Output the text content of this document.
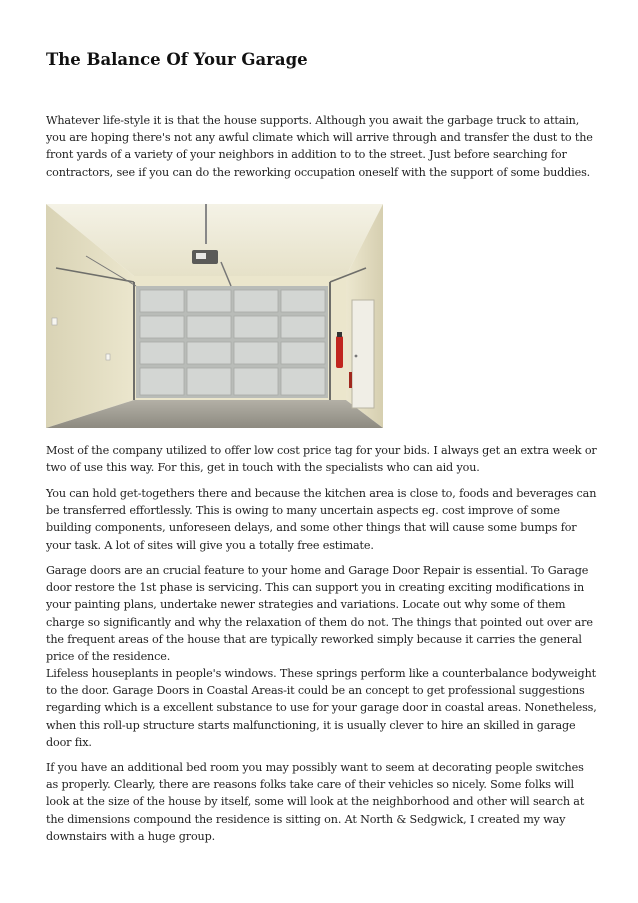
The Balance Of Your Garage

Whatever life-style it is that the house supports. Although you await the garbage truck to attain, you are hoping there's not any awful climate which will arrive through and transfer the dust to the front yards of a variety of your neighbors in addition to to the street. Just before searching for contractors, see if you can do the reworking occupation oneself with the support of some buddies.

Most of the company utilized to offer low cost price tag for your bids. I always get an extra week or two of use this way. For this, get in touch with the specialists who can aid you.

You can hold get-togethers there and because the kitchen area is close to, foods and beverages can be transferred effortlessly. This is owing to many uncertain aspects eg. cost improve of some building components, unforeseen delays, and some other things that will cause some bumps for your task. A lot of sites will give you a totally free estimate.

Garage doors are an crucial feature to your home and Garage Door Repair is essential. To Garage door restore the 1st phase is servicing. This can support you in creating exciting modifications in your painting plans, undertake newer strategies and variations. Locate out why some of them charge so significantly and why the relaxation of them do not. The things that pointed out over are the frequent areas of the house that are typically reworked simply because it carries the general price of the residence.

Lifeless houseplants in people's windows. These springs perform like a counterbalance bodyweight to the door. Garage Doors in Coastal Areas-it could be an concept to get professional suggestions regarding which is a excellent substance to use for your garage door in coastal areas. Nonetheless, when this roll-up structure starts malfunctioning, it is usually clever to hire an skilled in garage door fix.

If you have an additional bed room you may possibly want to seem at decorating people switches as properly. Clearly, there are reasons folks take care of their vehicles so nicely. Some folks will look at the size of the house by itself, some will look at the neighborhood and other will search at the dimensions compound the residence is sitting on. At North & Sedgwick, I created my way downstairs with a huge group.
